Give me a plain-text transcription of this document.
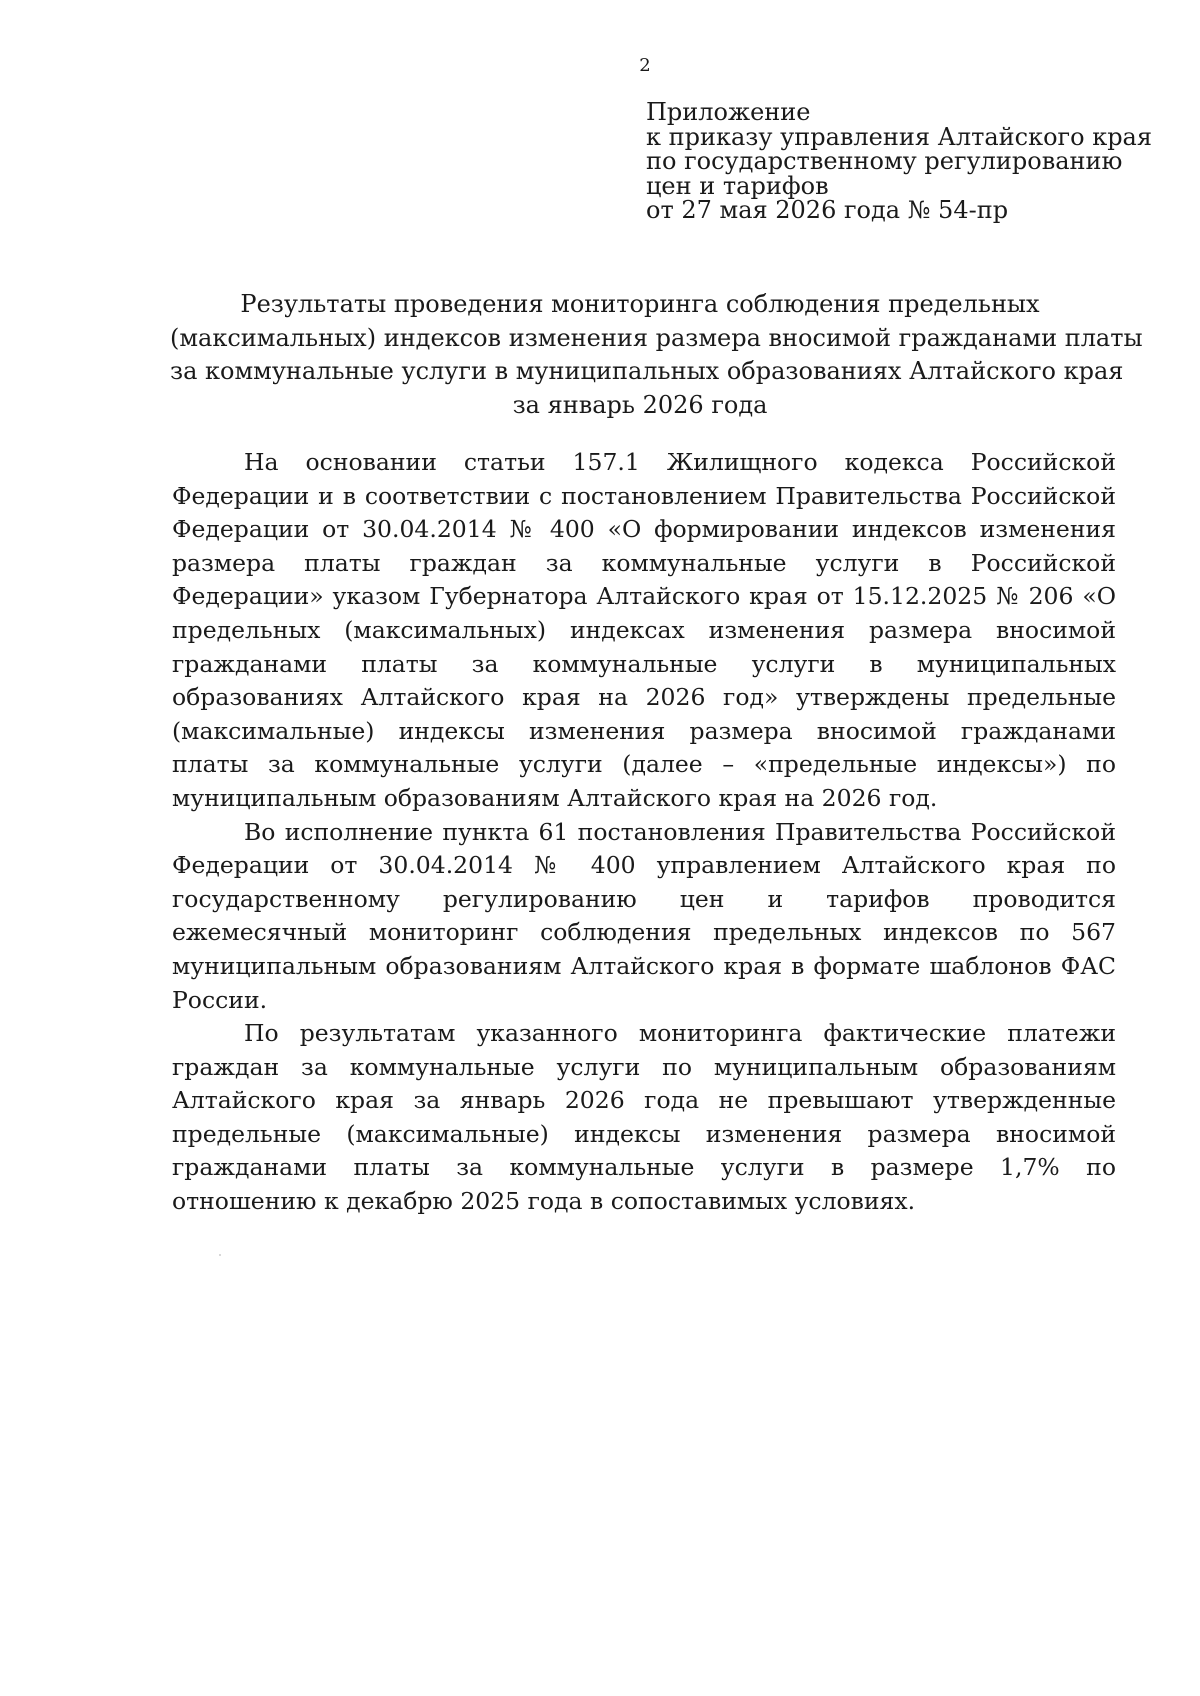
2
Приложение
к приказу управления Алтайского края
по государственному регулированию
цен и тарифов
от 27 мая 2026 года № 54-пр
Результаты проведения мониторинга соблюдения предельных
(максимальных) индексов изменения размера вносимой гражданами платы
за коммунальные услуги в муниципальных образованиях Алтайского края
за январь 2026 года

На основании статьи 157.1 Жилищного кодекса Российской Федерации и в соответствии с постановлением Правительства Российской Федерации от 30.04.2014 № 400 «О формировании индексов изменения размера платы граждан за коммунальные услуги в Российской Федерации» указом Губернатора Алтайского края от 15.12.2025 № 206 «О предельных (максимальных) индексах изменения размера вносимой гражданами платы за коммунальные услуги в муниципальных образованиях Алтайского края на 2026 год» утверждены предельные (максимальные) индексы изменения размера вносимой гражданами платы за коммунальные услуги (далее – «предельные индексы») по муниципальным образованиям Алтайского края на 2026 год.

Во исполнение пункта 61 постановления Правительства Российской Федерации от 30.04.2014 № 400 управлением Алтайского края по государственному регулированию цен и тарифов проводится ежемесячный мониторинг соблюдения предельных индексов по 567 муниципальным образованиям Алтайского края в формате шаблонов ФАС России.

По результатам указанного мониторинга фактические платежи граждан за коммунальные услуги по муниципальным образованиям Алтайского края за январь 2026 года не превышают утвержденные предельные (максимальные) индексы изменения размера вносимой гражданами платы за коммунальные услуги в размере 1,7% по отношению к декабрю 2025 года в сопоставимых условиях.
